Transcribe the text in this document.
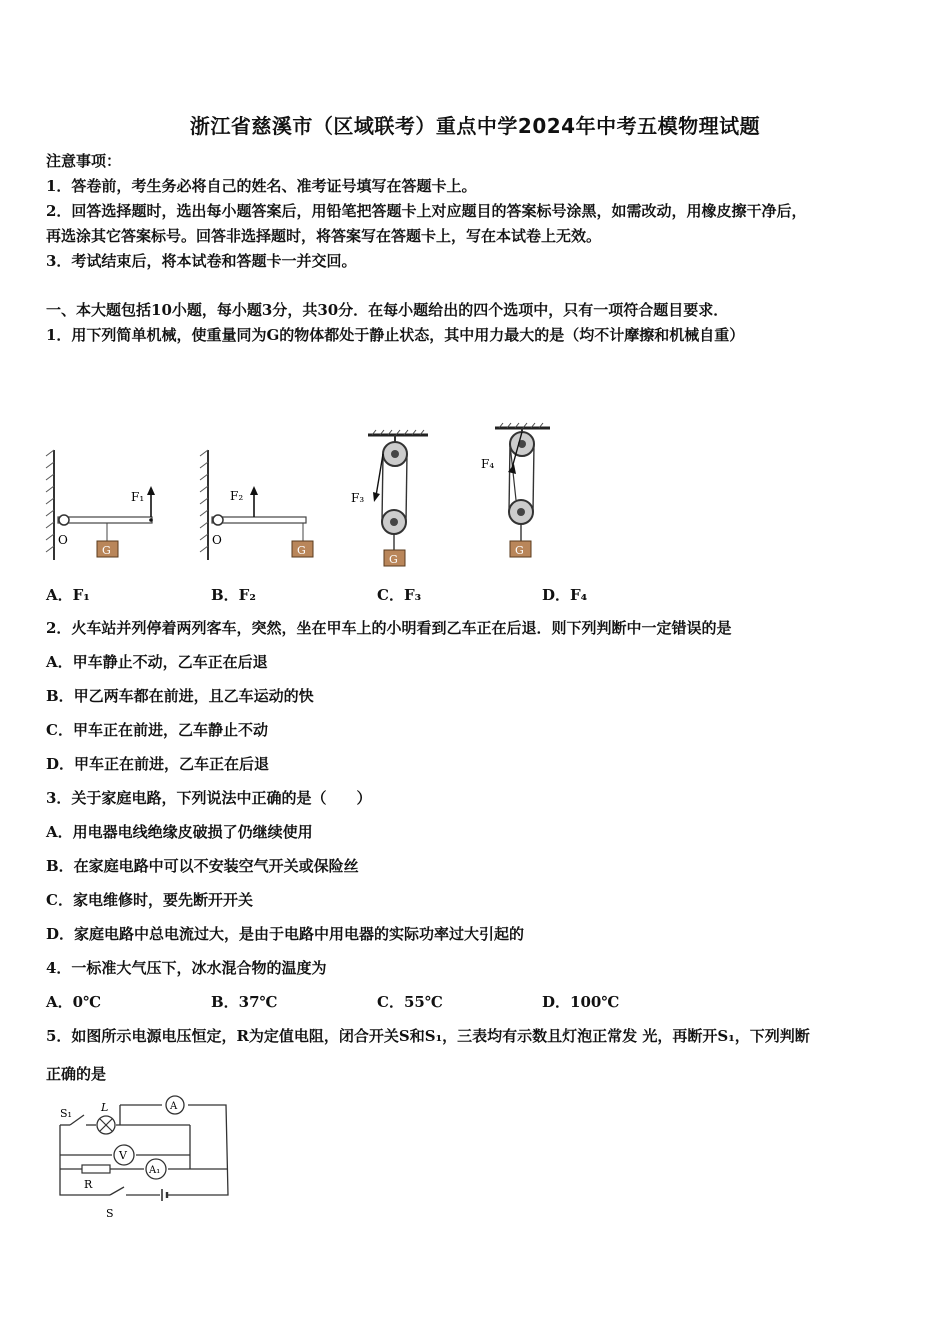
浙江省慈溪市（区域联考）重点中学2024年中考五模物理试题
注意事项：
1．答卷前，考生务必将自己的姓名、准考证号填写在答题卡上。
2．回答选择题时，选出每小题答案后，用铅笔把答题卡上对应题目的答案标号涂黑，如需改动，用橡皮擦干净后，
再选涂其它答案标号。回答非选择题时，将答案写在答题卡上，写在本试卷上无效。
3．考试结束后，将本试卷和答题卡一并交回。
一、本大题包括10小题，每小题3分，共30分．在每小题给出的四个选项中，只有一项符合题目要求．
1．用下列简单机械，使重量同为G的物体都处于静止状态，其中用力最大的是（均不计摩擦和机械自重）
G
O
F₁
G
O
F₂
G
F₃
G
F₄
A．F₁	B．F₂	C．F₃	D．F₄
2．火车站并列停着两列客车，突然，坐在甲车上的小明看到乙车正在后退．则下列判断中一定错误的是
A．甲车静止不动，乙车正在后退
B．甲乙两车都在前进，且乙车运动的快
C．甲车正在前进，乙车静止不动
D．甲车正在前进，乙车正在后退
3．关于家庭电路，下列说法中正确的是（　　）
A．用电器电线绝缘皮破损了仍继续使用
B．在家庭电路中可以不安装空气开关或保险丝
C．家电维修时，要先断开开关
D．家庭电路中总电流过大，是由于电路中用电器的实际功率过大引起的
4．一标准大气压下，冰水混合物的温度为
A．0℃	B．37℃	C．55℃	D．100℃
5．如图所示电源电压恒定，R为定值电阻，闭合开关S和S₁，三表均有示数且灯泡正常发 光，再断开S₁，下列判断
正确的是
A
V
A₁
S₁	L
R
S
